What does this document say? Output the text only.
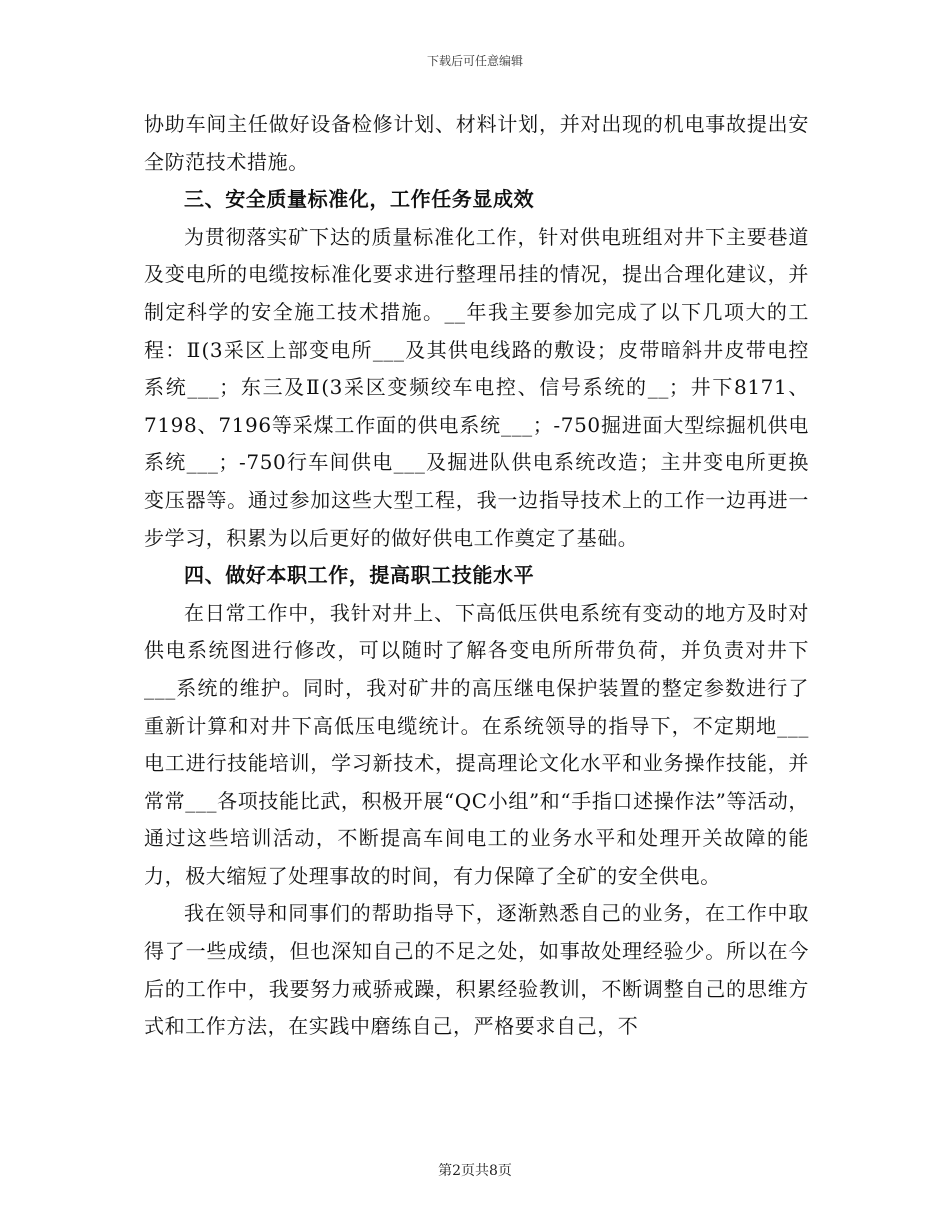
下载后可任意编辑

协助车间主任做好设备检修计划、材料计划，并对出现的机电事故提出安全防范技术措施。

三、安全质量标准化，工作任务显成效

为贯彻落实矿下达的质量标准化工作，针对供电班组对井下主要巷道及变电所的电缆按标准化要求进行整理吊挂的情况，提出合理化建议，并制定科学的安全施工技术措施。__年我主要参加完成了以下几项大的工程：Ⅱ(3采区上部变电所___及其供电线路的敷设；皮带暗斜井皮带电控系统___；东三及Ⅱ(3采区变频绞车电控、信号系统的__；井下8171、7198、7196等采煤工作面的供电系统___；-750掘进面大型综掘机供电系统___；-750行车间供电___及掘进队供电系统改造；主井变电所更换变压器等。通过参加这些大型工程，我一边指导技术上的工作一边再进一步学习，积累为以后更好的做好供电工作奠定了基础。

四、做好本职工作，提高职工技能水平

在日常工作中，我针对井上、下高低压供电系统有变动的地方及时对供电系统图进行修改，可以随时了解各变电所所带负荷，并负责对井下___系统的维护。同时，我对矿井的高压继电保护装置的整定参数进行了重新计算和对井下高低压电缆统计。在系统领导的指导下，不定期地___电工进行技能培训，学习新技术，提高理论文化水平和业务操作技能，并常常___各项技能比武，积极开展“QC小组”和“手指口述操作法”等活动，通过这些培训活动，不断提高车间电工的业务水平和处理开关故障的能力，极大缩短了处理事故的时间，有力保障了全矿的安全供电。

我在领导和同事们的帮助指导下，逐渐熟悉自己的业务，在工作中取得了一些成绩，但也深知自己的不足之处，如事故处理经验少。所以在今后的工作中，我要努力戒骄戒躁，积累经验教训，不断调整自己的思维方式和工作方法，在实践中磨练自己，严格要求自己，不

第2页共8页
